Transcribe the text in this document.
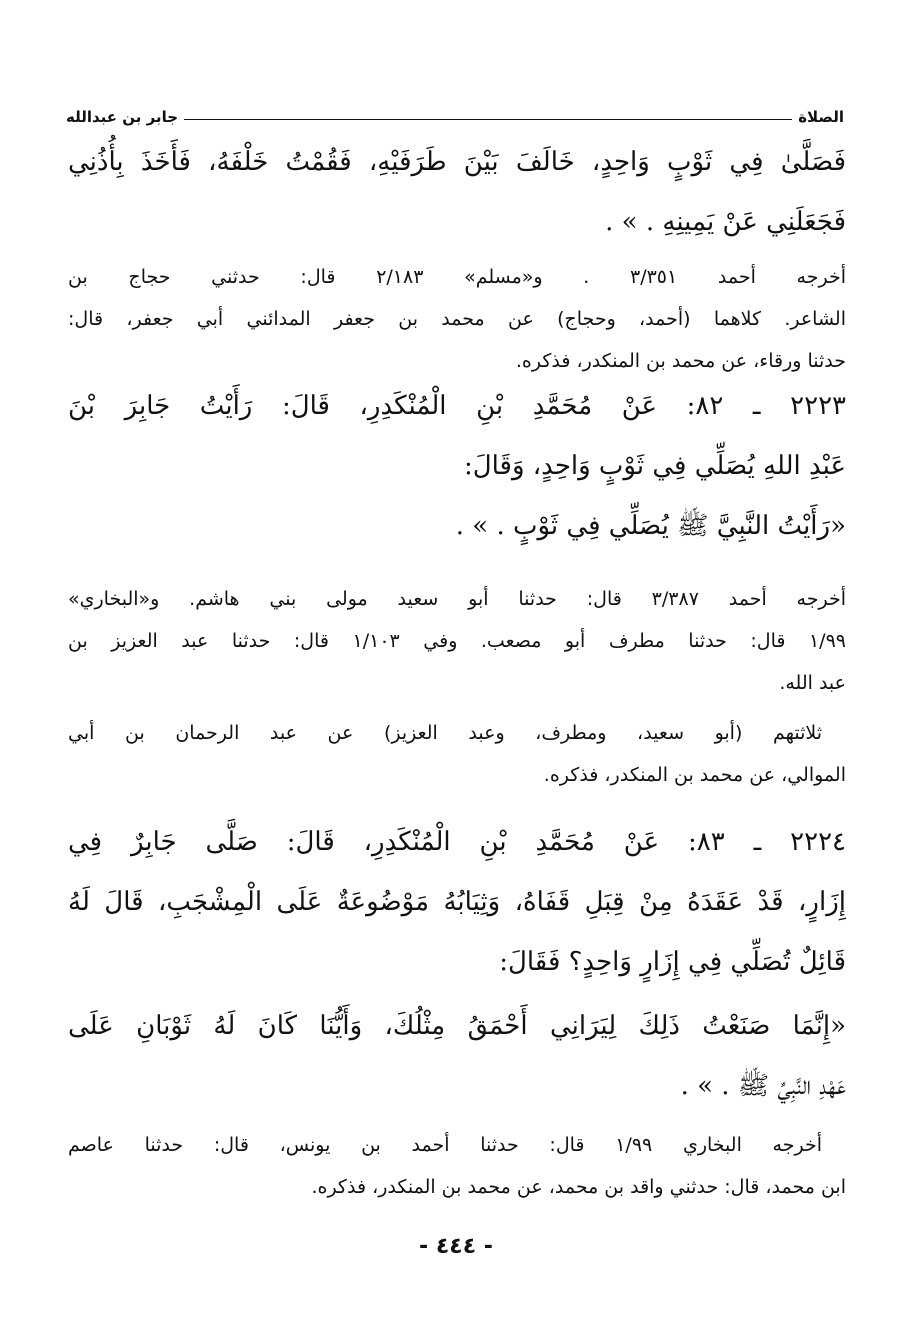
الصلاة
جابر بن عبدالله
فَصَلَّىٰ فِي ثَوْبٍ وَاحِدٍ، خَالَفَ بَيْنَ طَرَفَيْهِ، فَقُمْتُ خَلْفَهُ، فَأَخَذَ بِأُذُنِي
فَجَعَلَنِي عَنْ يَمِينِهِ . » .
أخرجه أحمد ٣/٣٥١ . و«مسلم» ٢/١٨٣ قال: حدثني حجاج بن
الشاعر. كلاهما (أحمد، وحجاج) عن محمد بن جعفر المدائني أبي جعفر، قال:
حدثنا ورقاء، عن محمد بن المنكدر، فذكره.
٢٢٢٣ ـ ٨٢: عَنْ مُحَمَّدِ بْنِ الْمُنْكَدِرِ، قَالَ: رَأَيْتُ جَابِرَ بْنَ
عَبْدِ اللهِ يُصَلِّي فِي ثَوْبٍ وَاحِدٍ، وَقَالَ:
«رَأَيْتُ النَّبِيَّ ﷺ يُصَلِّي فِي ثَوْبٍ . » .
أخرجه أحمد ٣/٣٨٧ قال: حدثنا أبو سعيد مولى بني هاشم. و«البخاري»
١/٩٩ قال: حدثنا مطرف أبو مصعب. وفي ١/١٠٣ قال: حدثنا عبد العزيز بن
عبد الله.
ثلاثتهم (أبو سعيد، ومطرف، وعبد العزيز) عن عبد الرحمان بن أبي
الموالي، عن محمد بن المنكدر، فذكره.
٢٢٢٤ ـ ٨٣: عَنْ مُحَمَّدِ بْنِ الْمُنْكَدِرِ، قَالَ: صَلَّى جَابِرٌ فِي
إِزَارٍ، قَدْ عَقَدَهُ مِنْ قِبَلِ قَفَاهُ، وَثِيَابُهُ مَوْضُوعَةٌ عَلَى الْمِشْجَبِ، قَالَ لَهُ
قَائِلٌ تُصَلِّي فِي إِزَارٍ وَاحِدٍ؟ فَقَالَ:
«إِنَّمَا صَنَعْتُ ذَلِكَ لِيَرَانِي أَحْمَقُ مِثْلُكَ، وَأَيُّنَا كَانَ لَهُ ثَوْبَانِ عَلَى
عَهْدِ النَّبِيِّ ﷺ . » .
أخرجه البخاري ١/٩٩ قال: حدثنا أحمد بن يونس، قال: حدثنا عاصم
ابن محمد، قال: حدثني واقد بن محمد، عن محمد بن المنكدر، فذكره.
- ٤٤٤ -
